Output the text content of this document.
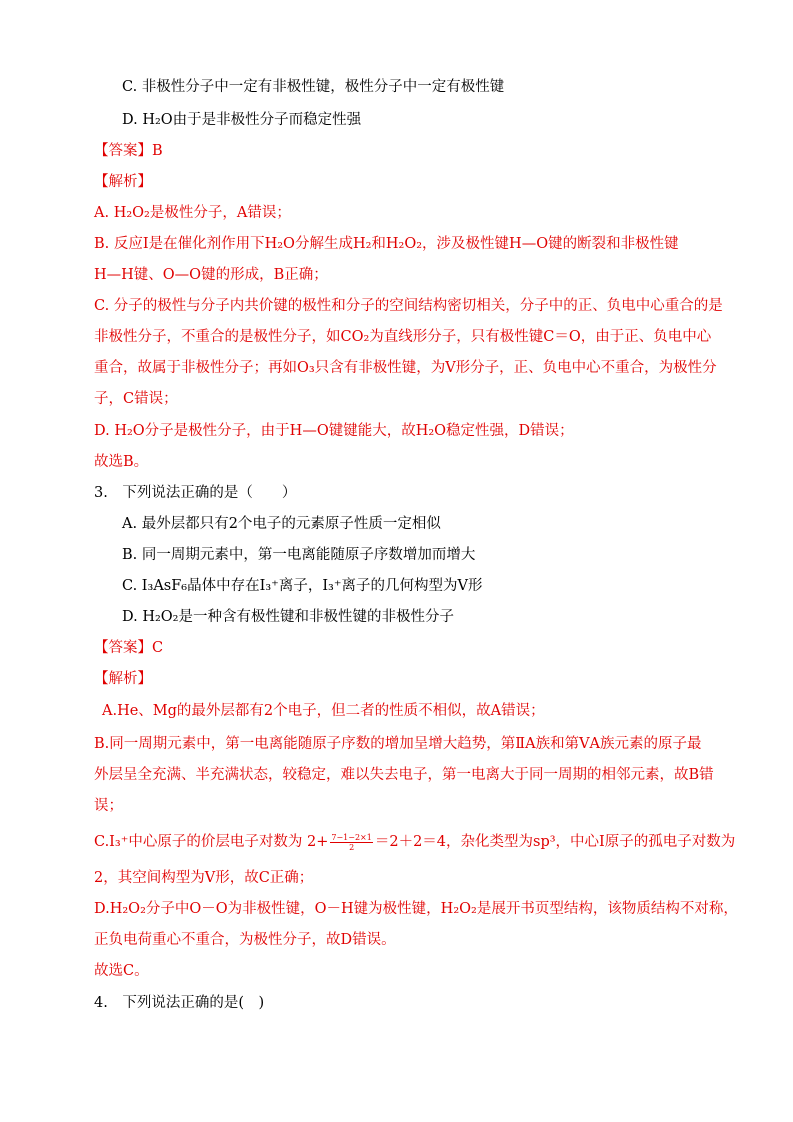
C. 非极性分子中一定有非极性键，极性分子中一定有极性键
D. H₂O由于是非极性分子而稳定性强
【答案】B
【解析】
A. H₂O₂是极性分子，A错误；
B. 反应Ⅰ是在催化剂作用下H₂O分解生成H₂和H₂O₂，涉及极性键H—O键的断裂和非极性键
H—H键、O—O键的形成，B正确；
C. 分子的极性与分子内共价键的极性和分子的空间结构密切相关，分子中的正、负电中心重合的是
非极性分子，不重合的是极性分子，如CO₂为直线形分子，只有极性键C＝O，由于正、负电中心
重合，故属于非极性分子；再如O₃只含有非极性键，为V形分子，正、负电中心不重合，为极性分
子，C错误；
D. H₂O分子是极性分子，由于H—O键键能大，故H₂O稳定性强，D错误；
故选B。
3.　下列说法正确的是（　　）
A. 最外层都只有2个电子的元素原子性质一定相似
B. 同一周期元素中，第一电离能随原子序数增加而增大
C. I₃AsF₆晶体中存在I₃⁺离子，I₃⁺离子的几何构型为V形
D. H₂O₂是一种含有极性键和非极性键的非极性分子
【答案】C
【解析】
A.He、Mg的最外层都有2个电子，但二者的性质不相似，故A错误；
B.同一周期元素中，第一电离能随原子序数的增加呈增大趋势，第ⅡA族和第ⅤA族元素的原子最
外层呈全充满、半充满状态，较稳定，难以失去电子，第一电离大于同一周期的相邻元素，故B错
误；
C.I₃⁺中心原子的价层电子对数为 $2+ \frac{7-1-2\times 1}{2} =2+2=4$，杂化类型为sp³，中心I原子的孤电子对数为
2，其空间构型为V形，故C正确；
D.H₂O₂分子中O－O为非极性键，O－H键为极性键，H₂O₂是展开书页型结构，该物质结构不对称，
正负电荷重心不重合，为极性分子，故D错误。
故选C。
4.　下列说法正确的是(　)
